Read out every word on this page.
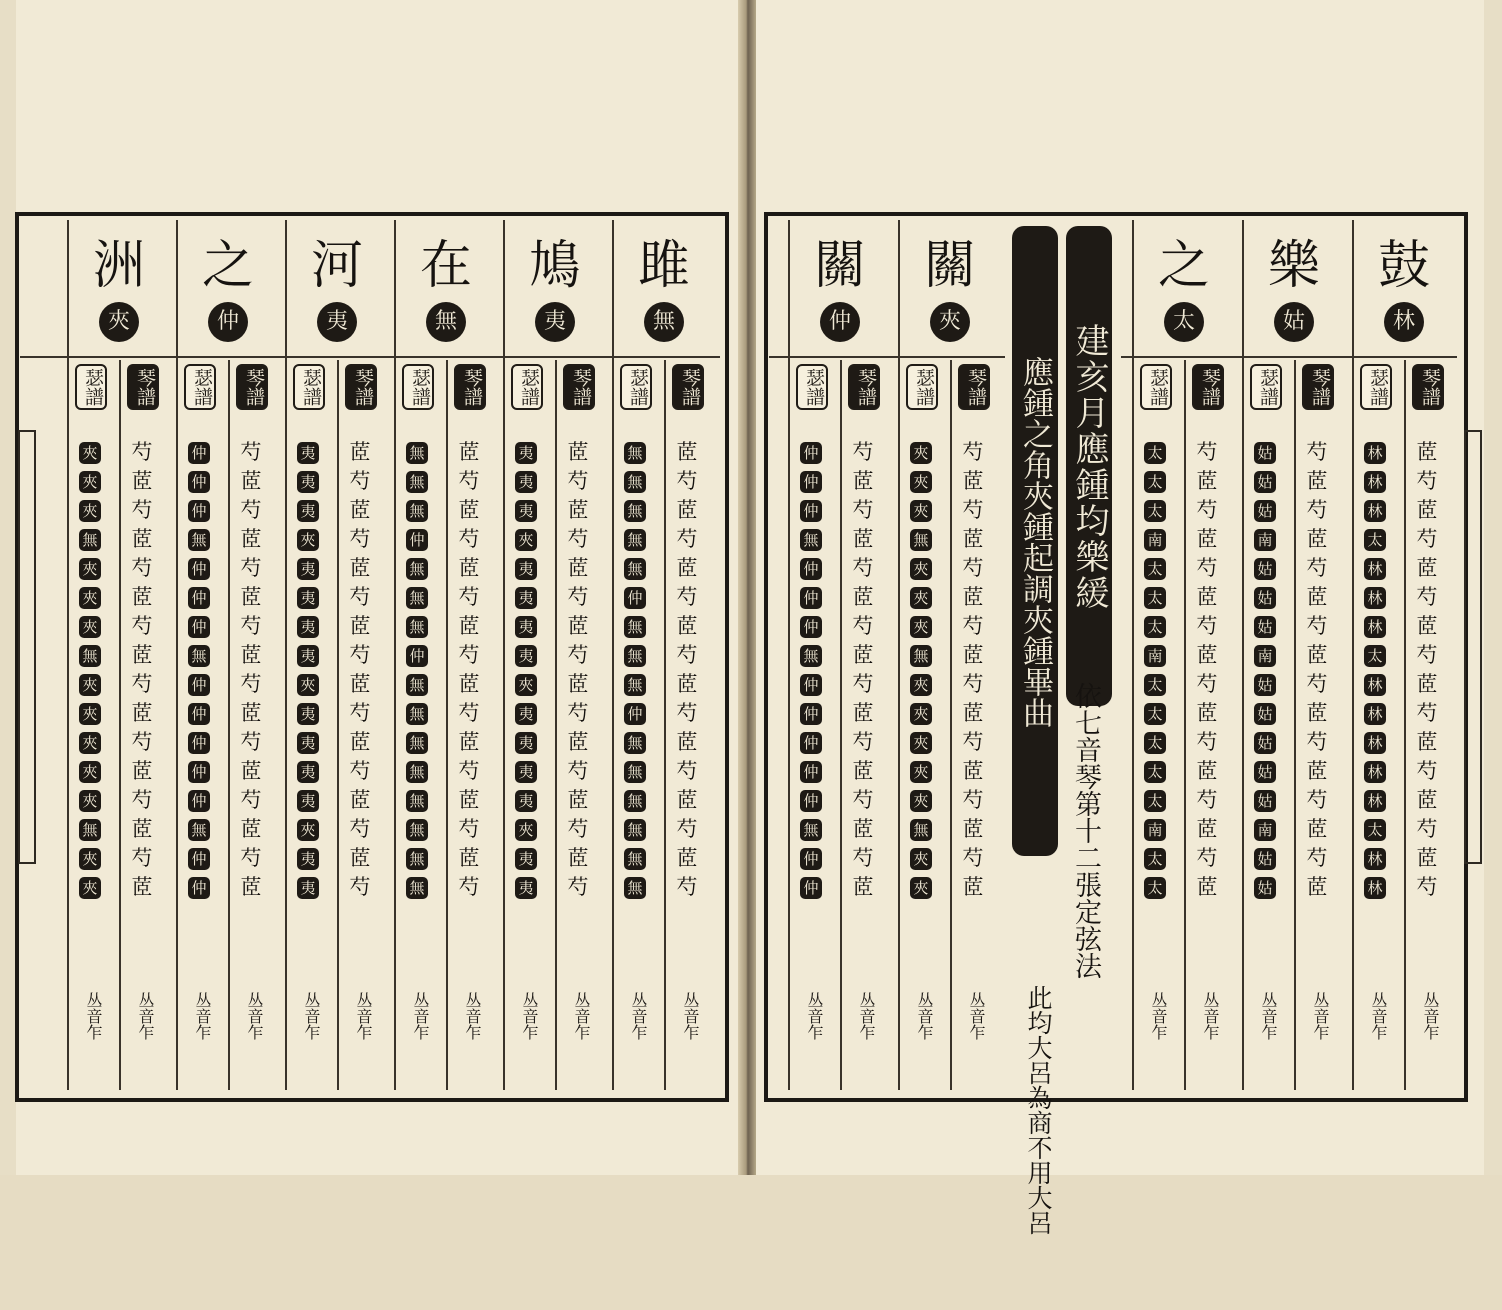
雎
無
琴譜
茝
芍
茝
芍
茝
芍
茝
芍
茝
芍
茝
芍
茝
芍
茝
芍
丛音乍
瑟譜
無
無
無
無
無
仲
無
無
無
仲
無
無
無
無
無
無
丛音乍
鳩
夷
琴譜
茝
芍
茝
芍
茝
芍
茝
芍
茝
芍
茝
芍
茝
芍
茝
芍
丛音乍
瑟譜
夷
夷
夷
夾
夷
夷
夷
夷
夾
夷
夷
夷
夷
夾
夷
夷
丛音乍
在
無
琴譜
茝
芍
茝
芍
茝
芍
茝
芍
茝
芍
茝
芍
茝
芍
茝
芍
丛音乍
瑟譜
無
無
無
仲
無
無
無
仲
無
無
無
無
無
無
無
無
丛音乍
河
夷
琴譜
茝
芍
茝
芍
茝
芍
茝
芍
茝
芍
茝
芍
茝
芍
茝
芍
丛音乍
瑟譜
夷
夷
夷
夾
夷
夷
夷
夷
夾
夷
夷
夷
夷
夾
夷
夷
丛音乍
之
仲
琴譜
芍
茝
芍
茝
芍
茝
芍
茝
芍
茝
芍
茝
芍
茝
芍
茝
丛音乍
瑟譜
仲
仲
仲
無
仲
仲
仲
無
仲
仲
仲
仲
仲
無
仲
仲
丛音乍
洲
夾
琴譜
芍
茝
芍
茝
芍
茝
芍
茝
芍
茝
芍
茝
芍
茝
芍
茝
丛音乍
瑟譜
夾
夾
夾
無
夾
夾
夾
無
夾
夾
夾
夾
夾
無
夾
夾
丛音乍
鼓
林
琴譜
茝
芍
茝
芍
茝
芍
茝
芍
茝
芍
茝
芍
茝
芍
茝
芍
丛音乍
瑟譜
林
林
林
太
林
林
林
太
林
林
林
林
林
太
林
林
丛音乍
樂
姑
琴譜
芍
茝
芍
茝
芍
茝
芍
茝
芍
茝
芍
茝
芍
茝
芍
茝
丛音乍
瑟譜
姑
姑
姑
南
姑
姑
姑
南
姑
姑
姑
姑
姑
南
姑
姑
丛音乍
之
太
琴譜
芍
茝
芍
茝
芍
茝
芍
茝
芍
茝
芍
茝
芍
茝
芍
茝
丛音乍
瑟譜
太
太
太
南
太
太
太
南
太
太
太
太
太
南
太
太
丛音乍
關
夾
琴譜
芍
茝
芍
茝
芍
茝
芍
茝
芍
茝
芍
茝
芍
茝
芍
茝
丛音乍
瑟譜
夾
夾
夾
無
夾
夾
夾
無
夾
夾
夾
夾
夾
無
夾
夾
丛音乍
關
仲
琴譜
芍
茝
芍
茝
芍
茝
芍
茝
芍
茝
芍
茝
芍
茝
芍
茝
丛音乍
瑟譜
仲
仲
仲
無
仲
仲
仲
無
仲
仲
仲
仲
仲
無
仲
仲
丛音乍
建亥月應鍾均樂緩
應鍾之角夾鍾起調夾鍾畢曲
依七音琴第十二張定弦法
此均大呂為商不用大呂
